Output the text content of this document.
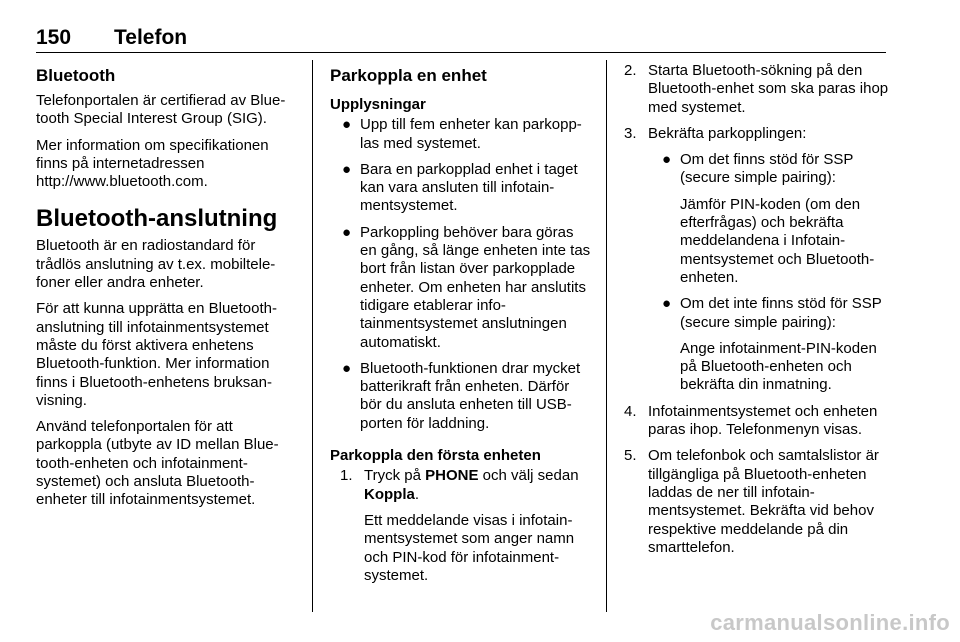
150 Telefon
Bluetooth

Telefonportalen är certifierad av Bluetooth Special Interest Group (SIG).

Mer information om specifikationen finns på internetadressen http://www.bluetooth.com.

Bluetooth-anslutning

Bluetooth är en radiostandard för trådlös anslutning av t.ex. mobiltelefoner eller andra enheter.

För att kunna upprätta en Bluetooth-anslutning till infotainmentsystemet måste du först aktivera enhetens Bluetooth-funktion. Mer information finns i Bluetooth-enhetens bruksanvisning.

Använd telefonportalen för att parkoppla (utbyte av ID mellan Bluetooth-enheten och infotainmentsystemet) och ansluta Bluetooth-enheter till infotainmentsystemet.

Parkoppla en enhet
Upplysningar
● Upp till fem enheter kan parkopplas med systemet.
● Bara en parkopplad enhet i taget kan vara ansluten till infotainmentsystemet.
● Parkoppling behöver bara göras en gång, så länge enheten inte tas bort från listan över parkopplade enheter. Om enheten har anslutits tidigare etablerar infotainmentsystemet anslutningen automatiskt.
● Bluetooth-funktionen drar mycket batterikraft från enheten. Därför bör du ansluta enheten till USB-porten för laddning.
Parkoppla den första enheten
1. Tryck på PHONE och välj sedan Koppla.

Ett meddelande visas i infotainmentsystemet som anger namn och PIN-kod för infotainmentsystemet.

2. Starta Bluetooth-sökning på den Bluetooth-enhet som ska paras ihop med systemet.
3. Bekräfta parkopplingen:
● Om det finns stöd för SSP (secure simple pairing):

Jämför PIN-koden (om den efterfrågas) och bekräfta meddelandena i Infotainmentsystemet och Bluetooth-enheten.

● Om det inte finns stöd för SSP (secure simple pairing):

Ange infotainment-PIN-koden på Bluetooth-enheten och bekräfta din inmatning.

4. Infotainmentsystemet och enheten paras ihop. Telefonmenyn visas.
5. Om telefonbok och samtalslistor är tillgängliga på Bluetooth-enheten laddas de ner till infotainmentsystemet. Bekräfta vid behov respektive meddelande på din smarttelefon.
carmanualsonline.info
